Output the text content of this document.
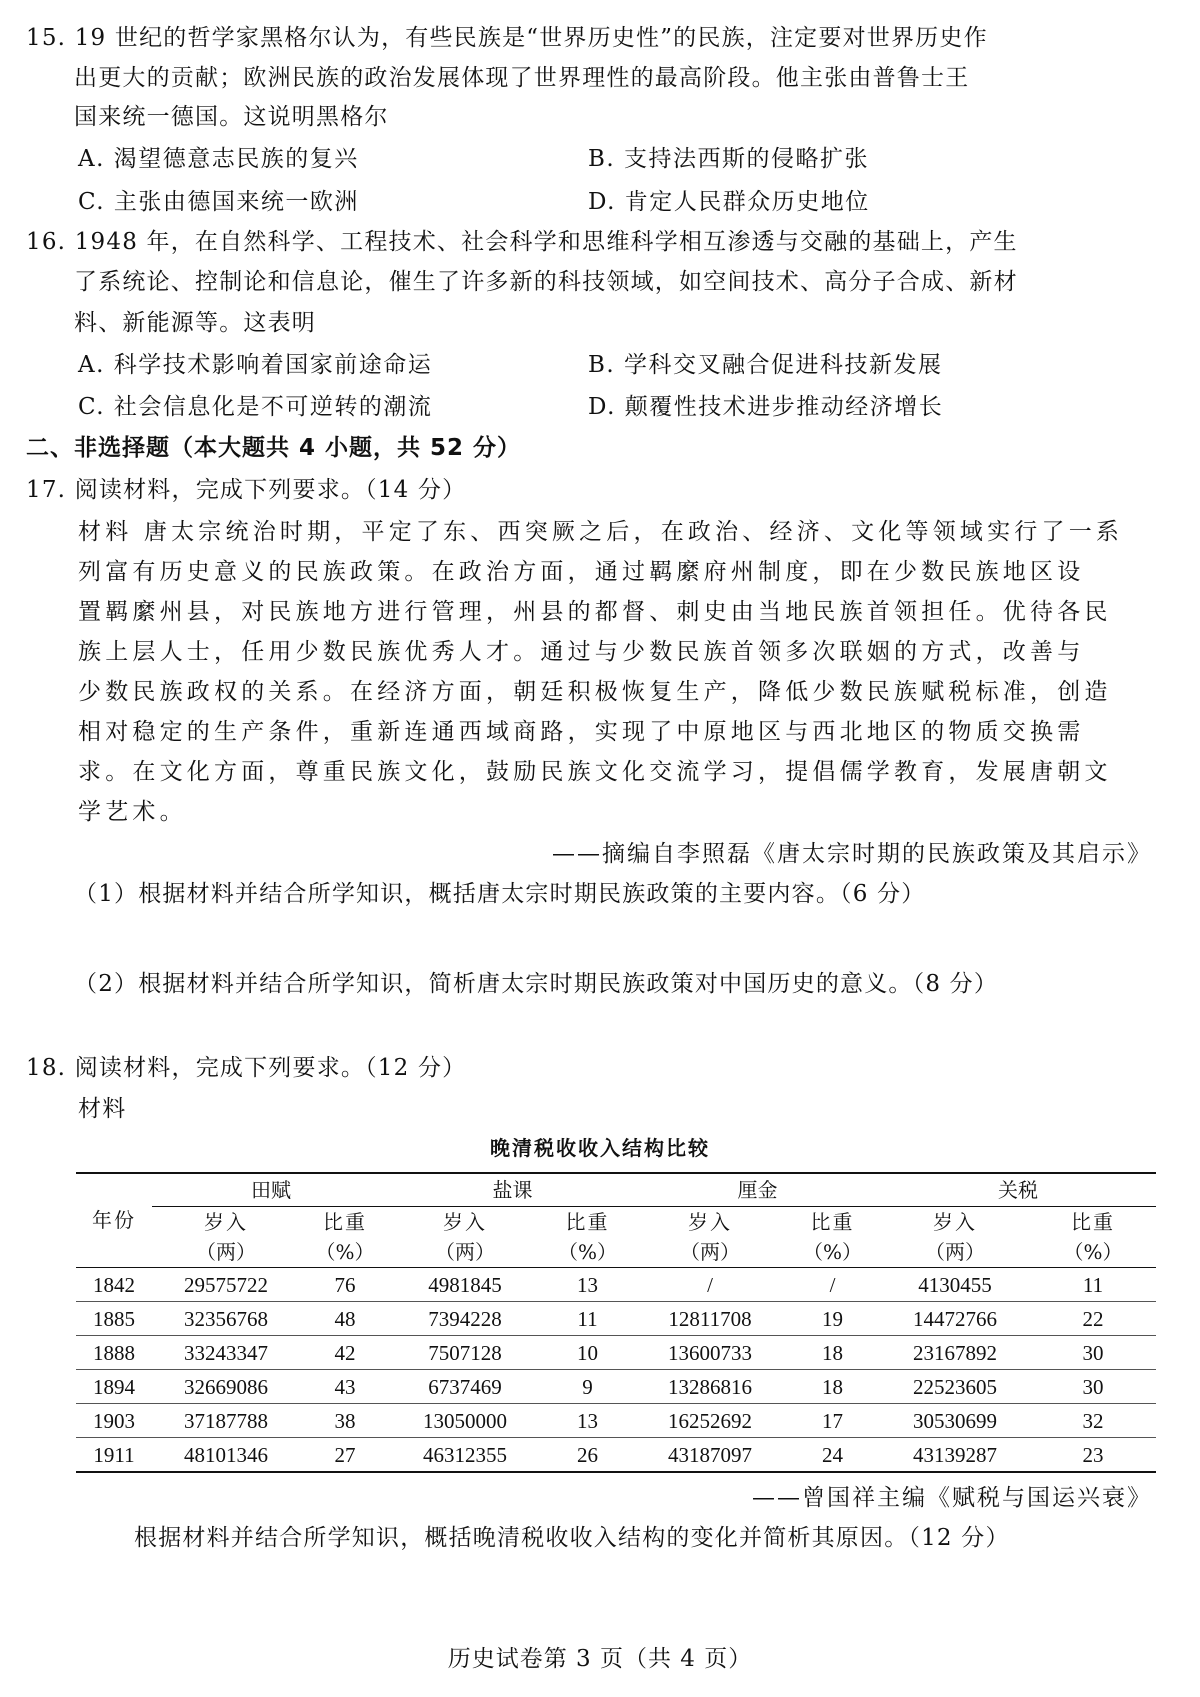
15. 19 世纪的哲学家黑格尔认为，有些民族是“世界历史性”的民族，注定要对世界历史作
出更大的贡献；欧洲民族的政治发展体现了世界理性的最高阶段。他主张由普鲁士王
国来统一德国。这说明黑格尔
A. 渴望德意志民族的复兴	B. 支持法西斯的侵略扩张
C. 主张由德国来统一欧洲	D. 肯定人民群众历史地位
16. 1948 年，在自然科学、工程技术、社会科学和思维科学相互渗透与交融的基础上，产生
了系统论、控制论和信息论，催生了许多新的科技领域，如空间技术、高分子合成、新材
料、新能源等。这表明
A. 科学技术影响着国家前途命运	B. 学科交叉融合促进科技新发展
C. 社会信息化是不可逆转的潮流	D. 颠覆性技术进步推动经济增长
二、非选择题（本大题共 4 小题，共 52 分）
17. 阅读材料，完成下列要求。（14 分）
材料 唐太宗统治时期，平定了东、西突厥之后，在政治、经济、文化等领域实行了一系
列富有历史意义的民族政策。在政治方面，通过羁縻府州制度，即在少数民族地区设
置羁縻州县，对民族地方进行管理，州县的都督、刺史由当地民族首领担任。优待各民
族上层人士，任用少数民族优秀人才。通过与少数民族首领多次联姻的方式，改善与
少数民族政权的关系。在经济方面，朝廷积极恢复生产，降低少数民族赋税标准，创造
相对稳定的生产条件，重新连通西域商路，实现了中原地区与西北地区的物质交换需
求。在文化方面，尊重民族文化，鼓励民族文化交流学习，提倡儒学教育，发展唐朝文
学艺术。
——摘编自李照磊《唐太宗时期的民族政策及其启示》
（1）根据材料并结合所学知识，概括唐太宗时期民族政策的主要内容。（6 分）
（2）根据材料并结合所学知识，简析唐太宗时期民族政策对中国历史的意义。（8 分）
18. 阅读材料，完成下列要求。（12 分）
材料
晚清税收收入结构比较
年份	田赋		盐课		厘金		关税	
	岁入	比重	岁入	比重	岁入	比重	岁入	比重
	（两）	（%）	（两）	（%）	（两）	（%）	（两）	（%）
1842	29575722	76	4981845	13	/	/	4130455	11
1885	32356768	48	7394228	11	12811708	19	14472766	22
1888	33243347	42	7507128	10	13600733	18	23167892	30
1894	32669086	43	6737469	9	13286816	18	22523605	30
1903	37187788	38	13050000	13	16252692	17	30530699	32
1911	48101346	27	46312355	26	43187097	24	43139287	23
——曾国祥主编《赋税与国运兴衰》
根据材料并结合所学知识，概括晚清税收收入结构的变化并简析其原因。（12 分）
历史试卷第 3 页（共 4 页）
